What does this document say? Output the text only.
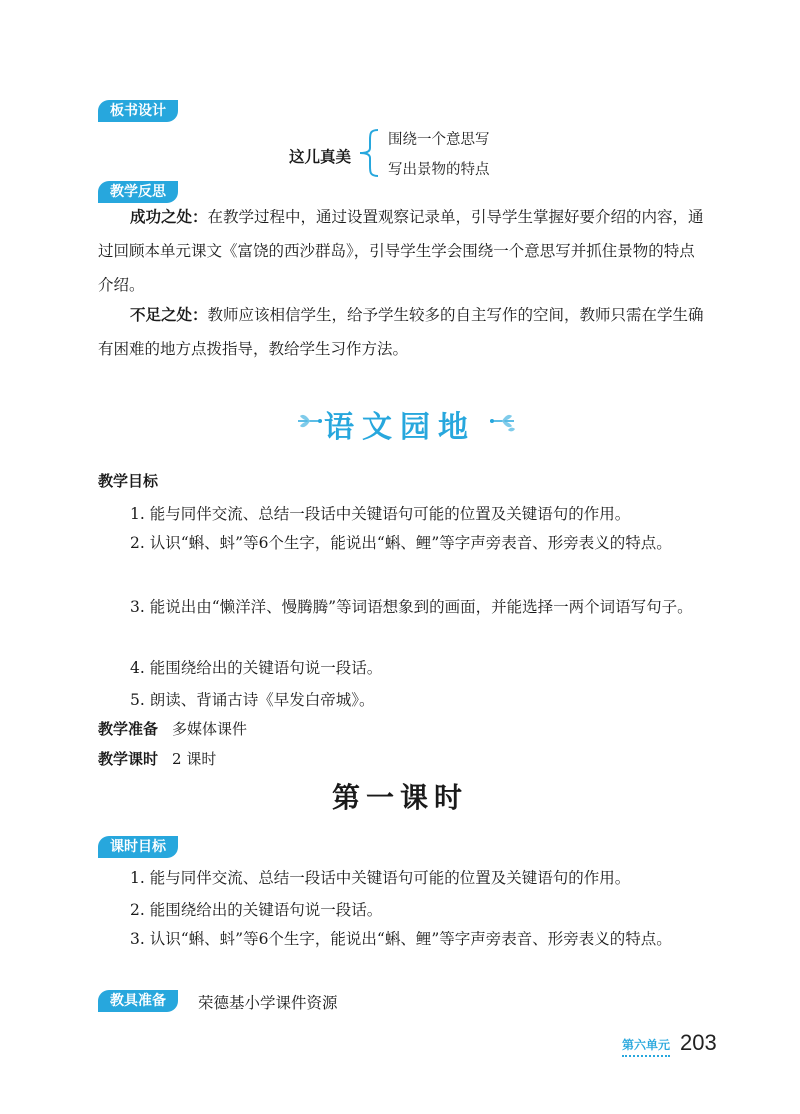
板书设计
这儿真美
围绕一个意思写
写出景物的特点
教学反思
成功之处：在教学过程中，通过设置观察记录单，引导学生掌握好要介绍的内容，通过回顾本单元课文《富饶的西沙群岛》，引导学生学会围绕一个意思写并抓住景物的特点介绍。
不足之处：教师应该相信学生，给予学生较多的自主写作的空间，教师只需在学生确有困难的地方点拨指导，教给学生习作方法。
语文园地
教学目标
1. 能与同伴交流、总结一段话中关键语句可能的位置及关键语句的作用。
2. 认识“蝌、蚪”等6个生字，能说出“蝌、鲤”等字声旁表音、形旁表义的特点。
3. 能说出由“懒洋洋、慢腾腾”等词语想象到的画面，并能选择一两个词语写句子。
4. 能围绕给出的关键语句说一段话。
5. 朗读、背诵古诗《早发白帝城》。
教学准备 多媒体课件
教学课时 2 课时
第一课时
课时目标
1. 能与同伴交流、总结一段话中关键语句可能的位置及关键语句的作用。
2. 能围绕给出的关键语句说一段话。
3. 认识“蝌、蚪”等6个生字，能说出“蝌、鲤”等字声旁表音、形旁表义的特点。
教具准备	荣德基小学课件资源
第六单元 203
